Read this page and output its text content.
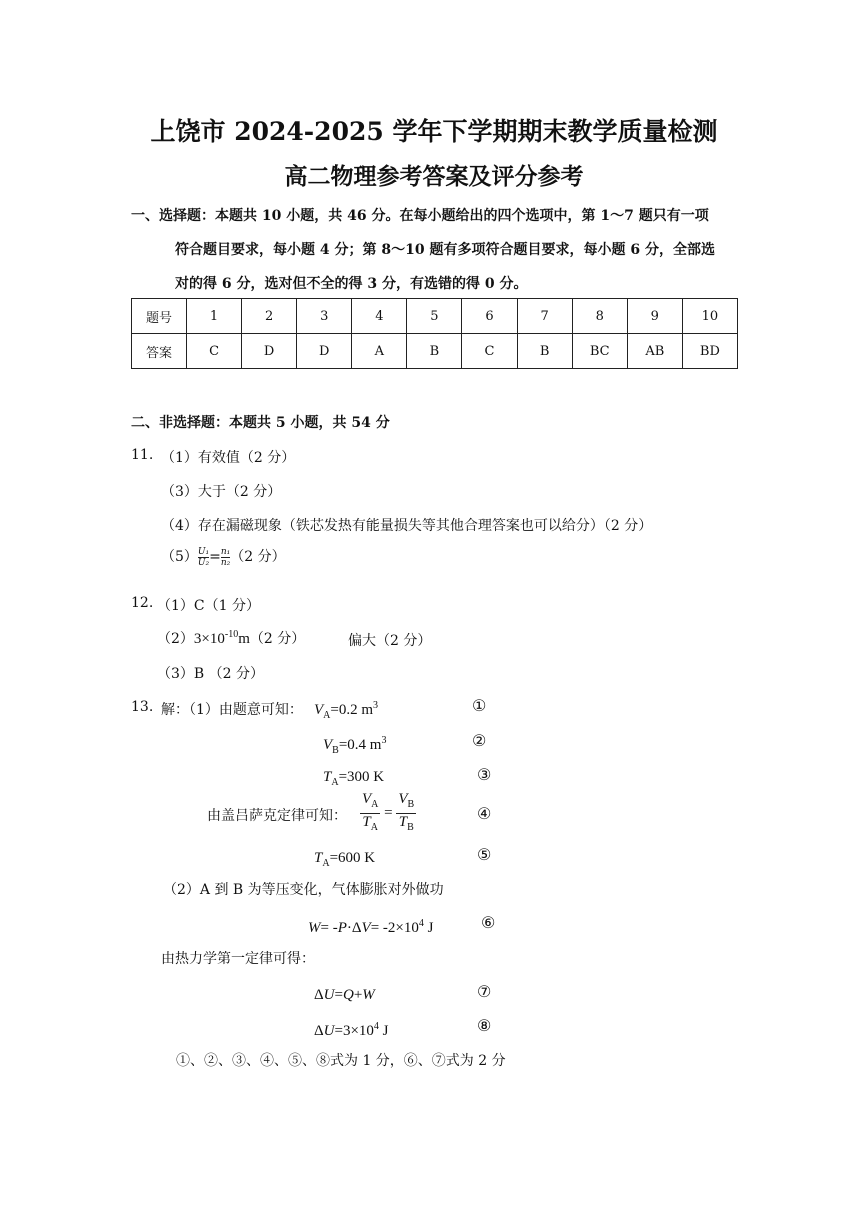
上饶市 2024-2025 学年下学期期末教学质量检测
高二物理参考答案及评分参考
一、选择题：本题共 10 小题，共 46 分。在每小题给出的四个选项中，第 1～7 题只有一项
符合题目要求，每小题 4 分；第 8～10 题有多项符合题目要求，每小题 6 分，全部选
对的得 6 分，选对但不全的得 3 分，有选错的得 0 分。
题号	1	2	3	4	5	6	7	8	9	10
答案	C	D	D	A	B	C	B	BC	AB	BD
二、非选择题：本题共 5 小题，共 54 分
11. （1）有效值（2 分）
（3）大于（2 分）
（4）存在漏磁现象（铁芯发热有能量损失等其他合理答案也可以给分）（2 分）
$(5) \frac{\text{U₁}}{\text{U₂}} = \frac{\text{n₁}}{\text{n₂}} (2$ 分）
12. （1）C（1 分）
$(2)3\times 10^{-10}m(2$ 分）	偏大（2 分）
（3）B （2 分）
13. 解：（1）由题意可知： $V_A=0.2$ $m^3$	①
$V_B=0.4$ $m^3$	②
$T_A=300$ K	③
由盖吕萨克定律可知： $\frac{V_A}{T_A} = \frac{V_B}{T_B}$	④
$T_A=600$ K	⑤
（2）A 到 B 为等压变化，气体膨胀对外做功
$W= -P\cdot\Delta V= -2\times 10^4$ J	⑥
由热力学第一定律可得：
ΔU=Q+W	⑦
$\Delta U=3\times 10^4$ J	⑧
①、②、③、④、⑤、⑧式为 1 分，⑥、⑦式为 2 分
